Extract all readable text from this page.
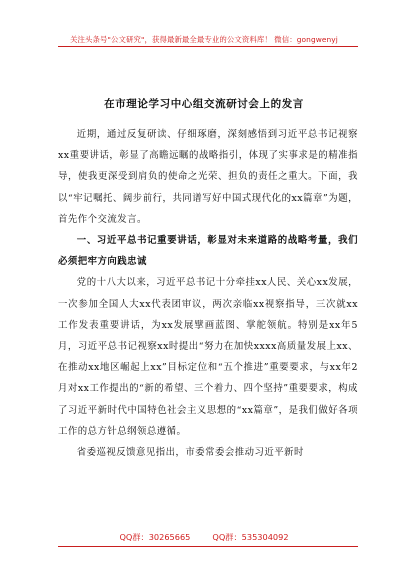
关注头条号"公文研究"，获得最新最全最专业的公文资料库！ 微信：gongwenyj
在市理论学习中心组交流研讨会上的发言

近期，通过反复研读、仔细琢磨，深刻感悟到习近平总书记视察xx重要讲话，彰显了高瞻远瞩的战略指引，体现了实事求是的精准指导，使我更深受到肩负的使命之光荣、担负的责任之重大。下面，我以“牢记嘱托、阔步前行，共同谱写好中国式现代化的xx篇章”为题，首先作个交流发言。

一、习近平总书记重要讲话，彰显对未来道路的战略考量，我们必须把牢方向践忠诚

党的十八大以来，习近平总书记十分牵挂xx人民、关心xx发展，一次参加全国人大xx代表团审议，两次亲临xx视察指导，三次就xx工作发表重要讲话，为xx发展擘画蓝图、掌舵领航。特别是xx年5月，习近平总书记视察xx时提出“努力在加快xxxx高质量发展上xx、在推动xx地区崛起上xx”目标定位和“五个推进”重要要求，与xx年2月对xx工作提出的“新的希望、三个着力、四个坚持”重要要求，构成了习近平新时代中国特色社会主义思想的“xx篇章”，是我们做好各项工作的总方针总纲领总遵循。

省委巡视反馈意见指出，市委常委会推动习近平新时

QQ群：30265665	QQ群：535304092
